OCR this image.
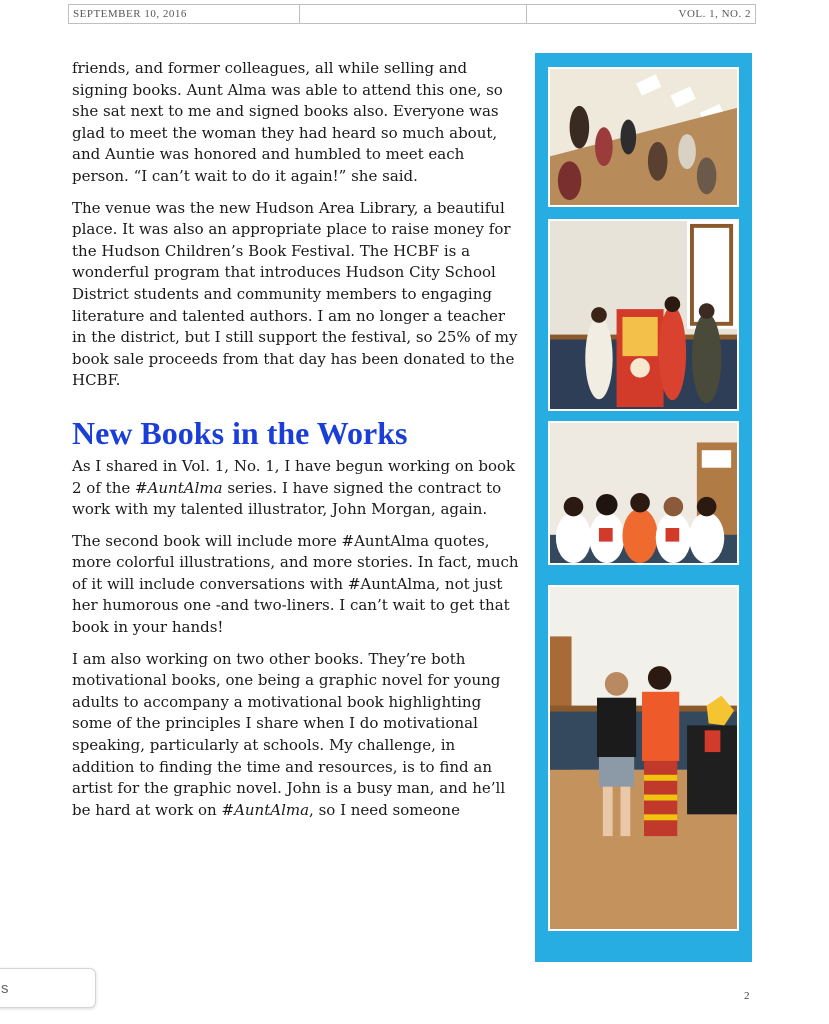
SEPTEMBER 10, 2016	VOL. 1, NO. 2

friends, and former colleagues, all while selling and signing books. Aunt Alma was able to attend this one, so she sat next to me and signed books also. Everyone was glad to meet the woman they had heard so much about, and Auntie was honored and humbled to meet each person. “I can’t wait to do it again!” she said.

The venue was the new Hudson Area Library, a beautiful place. It was also an appropriate place to raise money for the Hudson Children’s Book Festival. The HCBF is a wonderful program that introduces Hudson City School District students and community members to engaging literature and talented authors. I am no longer a teacher in the district, but I still support the festival, so 25% of my book sale proceeds from that day has been donated to the HCBF.

New Books in the Works

As I shared in Vol. 1, No. 1, I have begun working on book 2 of the #AuntAlma series. I have signed the contract to work with my talented illustrator, John Morgan, again.

The second book will include more #AuntAlma quotes, more colorful illustrations, and more stories. In fact, much of it will include conversations with #AuntAlma, not just her humorous one -and two-liners. I can’t wait to get that book in your hands!

I am also working on two other books. They’re both motivational books, one being a graphic novel for young adults to accompany a motivational book highlighting some of the principles I share when I do motivational speaking, particularly at schools. My challenge, in addition to finding the time and resources, is to find an artist for the graphic novel. John is a busy man, and he’ll be hard at work on #AuntAlma, so I need someone

2
s
